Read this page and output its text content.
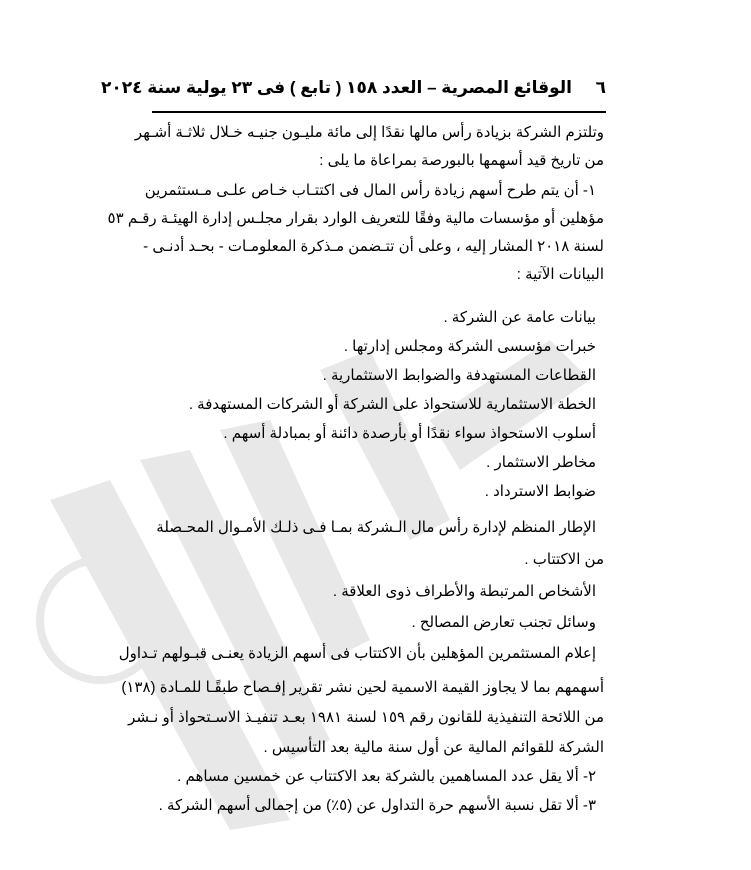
٦
الوقائع المصرية – العدد ١٥٨ ( تابع ) فى ٢٣ يولية سنة ٢٠٢٤
وتلتزم الشركة بزيادة رأس مالها نقدًا إلى مائة مليـون جنيـه خـلال ثلاثـة أشـهر
من تاريخ قيد أسهمها بالبورصة بمراعاة ما يلى :
١- أن يتم طرح أسهم زيادة رأس المال فى اكتتـاب خـاص علـى مـستثمرين
مؤهلين أو مؤسسات مالية وفقًا للتعريف الوارد بقرار مجلـس إدارة الهيئـة رقـم ٥٣
لسنة ٢٠١٨ المشار إليه ، وعلى أن تتـضمن مـذكرة المعلومـات - بحـد أدنـى -
البيانات الآتية :
بيانات عامة عن الشركة .
خبرات مؤسسى الشركة ومجلس إدارتها .
القطاعات المستهدفة والضوابط الاستثمارية .
الخطة الاستثمارية للاستحواذ على الشركة أو الشركات المستهدفة .
أسلوب الاستحواذ سواء نقدًا أو بأرصدة دائنة أو بمبادلة أسهم .
مخاطر الاستثمار .
ضوابط الاسترداد .
الإطار المنظم لإدارة رأس مال الـشركة بمـا فـى ذلـك الأمـوال المحـصلة
من الاكتتاب .
الأشخاص المرتبطة والأطراف ذوى العلاقة .
وسائل تجنب تعارض المصالح .
إعلام المستثمرين المؤهلين بأن الاكتتاب فى أسهم الزيادة يعنـى قبـولهم تـداول
أسهمهم بما لا يجاوز القيمة الاسمية لحين نشر تقرير إفـصاح طبقًـا للمـادة (١٣٨)
من اللائحة التنفيذية للقانون رقم ١٥٩ لسنة ١٩٨١ بعـد تنفيـذ الاسـتحواذ أو نـشر
الشركة للقوائم المالية عن أول سنة مالية بعد التأسيس .
٢- ألا يقل عدد المساهمين بالشركة بعد الاكتتاب عن خمسين مساهم .
٣- ألا تقل نسبة الأسهم حرة التداول عن (٥٪) من إجمالى أسهم الشركة .
